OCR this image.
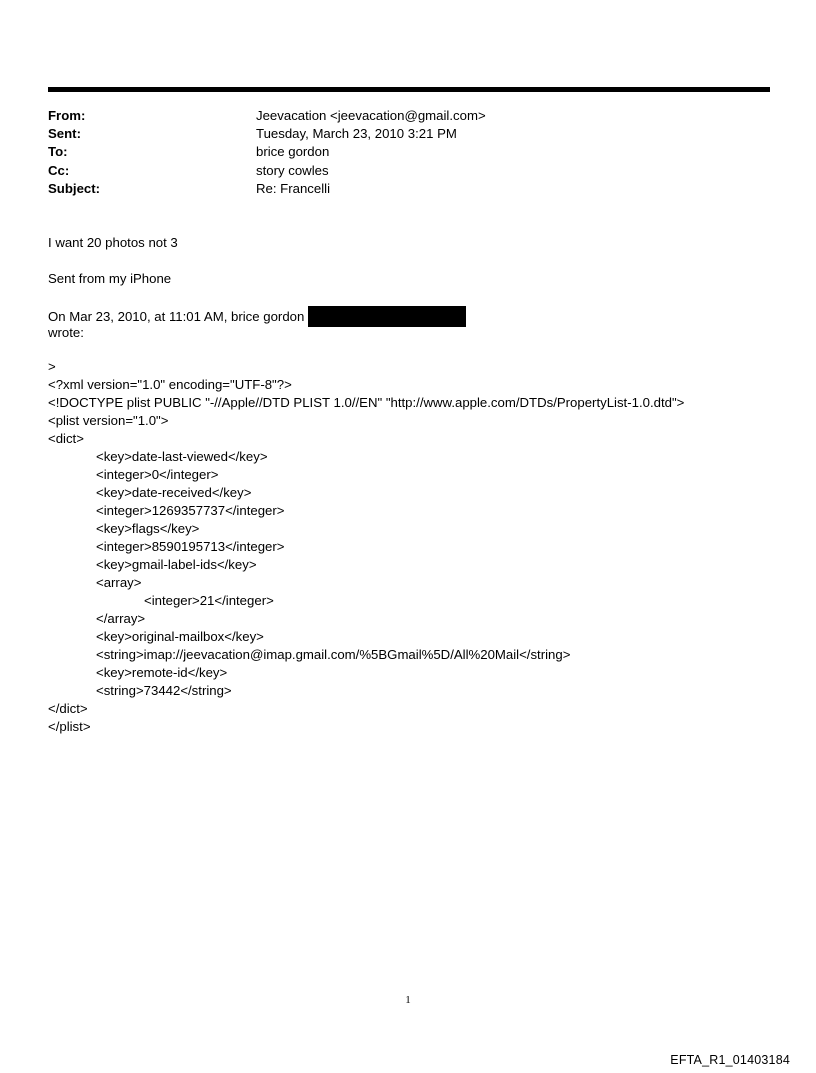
From:	Jeevacation <jeevacation@gmail.com>
Sent:	Tuesday, March 23, 2010 3:21 PM
To:	brice gordon
Cc:	story cowles
Subject:	Re: Francelli
I want 20 photos not 3
Sent from my iPhone
On Mar 23, 2010, at 11:01 AM, brice gordon
wrote:
>
<?xml version="1.0" encoding="UTF-8"?>
<!DOCTYPE plist PUBLIC "-//Apple//DTD PLIST 1.0//EN" "http://www.apple.com/DTDs/PropertyList-1.0.dtd">
<plist version="1.0">
<dict>
<key>date-last-viewed</key>
<integer>0</integer>
<key>date-received</key>
<integer>1269357737</integer>
<key>flags</key>
<integer>8590195713</integer>
<key>gmail-label-ids</key>
<array>
<integer>21</integer>
</array>
<key>original-mailbox</key>
<string>imap://jeevacation@imap.gmail.com/%5BGmail%5D/All%20Mail</string>
<key>remote-id</key>
<string>73442</string>
</dict>
</plist>
1
EFTA_R1_01403184
